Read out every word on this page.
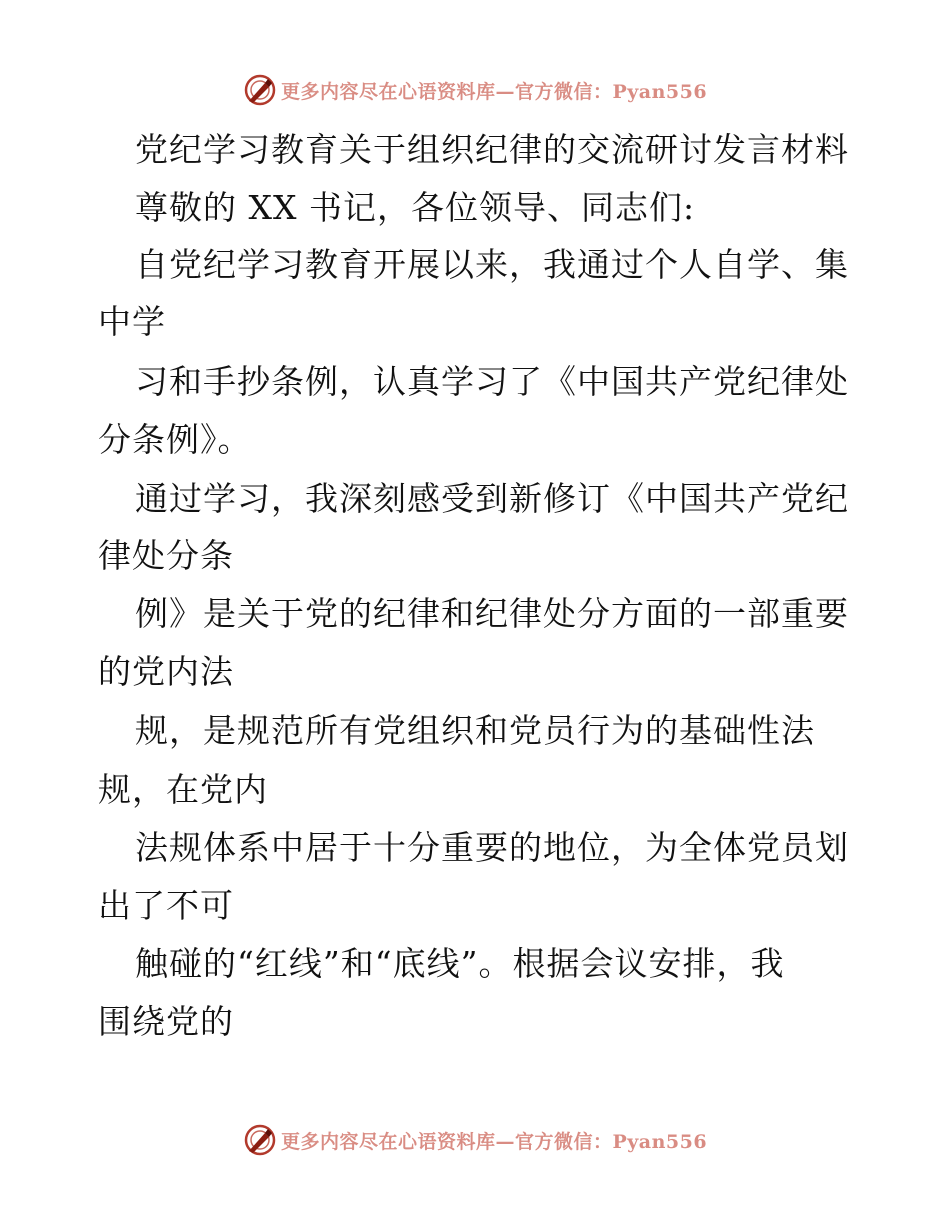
更多内容尽在心语资料库—官方微信：Pyan556
党纪学习教育关于组织纪律的交流研讨发言材料
尊敬的 XX 书记，各位领导、同志们:
自党纪学习教育开展以来，我通过个人自学、集
中学
习和手抄条例，认真学习了《中国共产党纪律处
分条例》。
通过学习，我深刻感受到新修订《中国共产党纪
律处分条
例》是关于党的纪律和纪律处分方面的一部重要
的党内法
规，是规范所有党组织和党员行为的基础性法
规，在党内
法规体系中居于十分重要的地位，为全体党员划
出了不可
触碰的“红线”和“底线”。根据会议安排，我
围绕党的
更多内容尽在心语资料库—官方微信：Pyan556
